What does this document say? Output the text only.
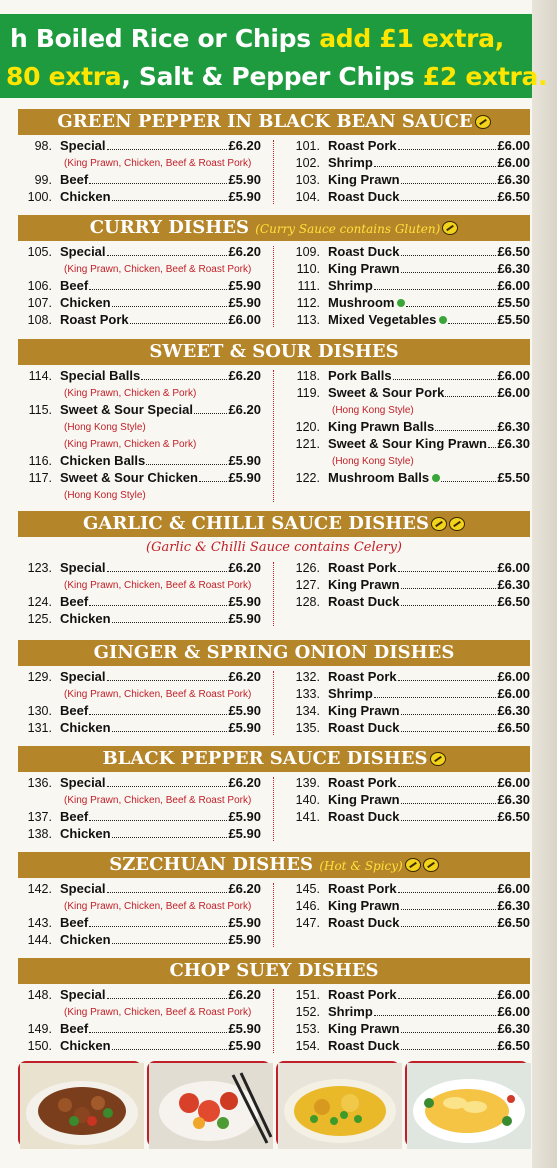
h Boiled Rice or Chips add £1 extra,
80 extra, Salt & Pepper Chips £2 extra.
GREEN PEPPER IN BLACK BEAN SAUCE
98. Special	£6.20
(King Prawn, Chicken, Beef & Roast Pork)
99. Beef	£5.90
100. Chicken	£5.90
101. Roast Pork	£6.00
102. Shrimp	£6.00
103. King Prawn	£6.30
104. Roast Duck	£6.50
CURRY DISHES (Curry Sauce contains Gluten)
105. Special	£6.20
(King Prawn, Chicken, Beef & Roast Pork)
106. Beef	£5.90
107. Chicken	£5.90
108. Roast Pork	£6.00
109. Roast Duck	£6.50
110. King Prawn	£6.30
111. Shrimp	£6.00
112. Mushroom	£5.50
113. Mixed Vegetables	£5.50
SWEET & SOUR DISHES
114. Special Balls	£6.20
(King Prawn, Chicken & Pork)
115. Sweet & Sour Special	£6.20
(Hong Kong Style)
(King Prawn, Chicken & Pork)
116. Chicken Balls	£5.90
117. Sweet & Sour Chicken £5.90
(Hong Kong Style)
118. Pork Balls	£6.00
119. Sweet & Sour Pork	£6.00
(Hong Kong Style)
120. King Prawn Balls	£6.30
121. Sweet & Sour King Prawn £6.30
(Hong Kong Style)
122. Mushroom Balls	£5.50
GARLIC & CHILLI SAUCE DISHES
(Garlic & Chilli Sauce contains Celery)
123. Special	£6.20
(King Prawn, Chicken, Beef & Roast Pork)
124. Beef	£5.90
125. Chicken	£5.90
126. Roast Pork	£6.00
127. King Prawn	£6.30
128. Roast Duck	£6.50
GINGER & SPRING ONION DISHES
129. Special	£6.20
(King Prawn, Chicken, Beef & Roast Pork)
130. Beef	£5.90
131. Chicken	£5.90
132. Roast Pork	£6.00
133. Shrimp	£6.00
134. King Prawn	£6.30
135. Roast Duck	£6.50
BLACK PEPPER SAUCE DISHES
136. Special	£6.20
(King Prawn, Chicken, Beef & Roast Pork)
137. Beef	£5.90
138. Chicken	£5.90
139. Roast Pork	£6.00
140. King Prawn	£6.30
141. Roast Duck	£6.50
SZECHUAN DISHES (Hot & Spicy)
142. Special	£6.20
(King Prawn, Chicken, Beef & Roast Pork)
143. Beef	£5.90
144. Chicken	£5.90
145. Roast Pork	£6.00
146. King Prawn	£6.30
147. Roast Duck	£6.50
CHOP SUEY DISHES
148. Special	£6.20
(King Prawn, Chicken, Beef & Roast Pork)
149. Beef	£5.90
150. Chicken	£5.90
151. Roast Pork	£6.00
152. Shrimp	£6.00
153. King Prawn	£6.30
154. Roast Duck	£6.50
